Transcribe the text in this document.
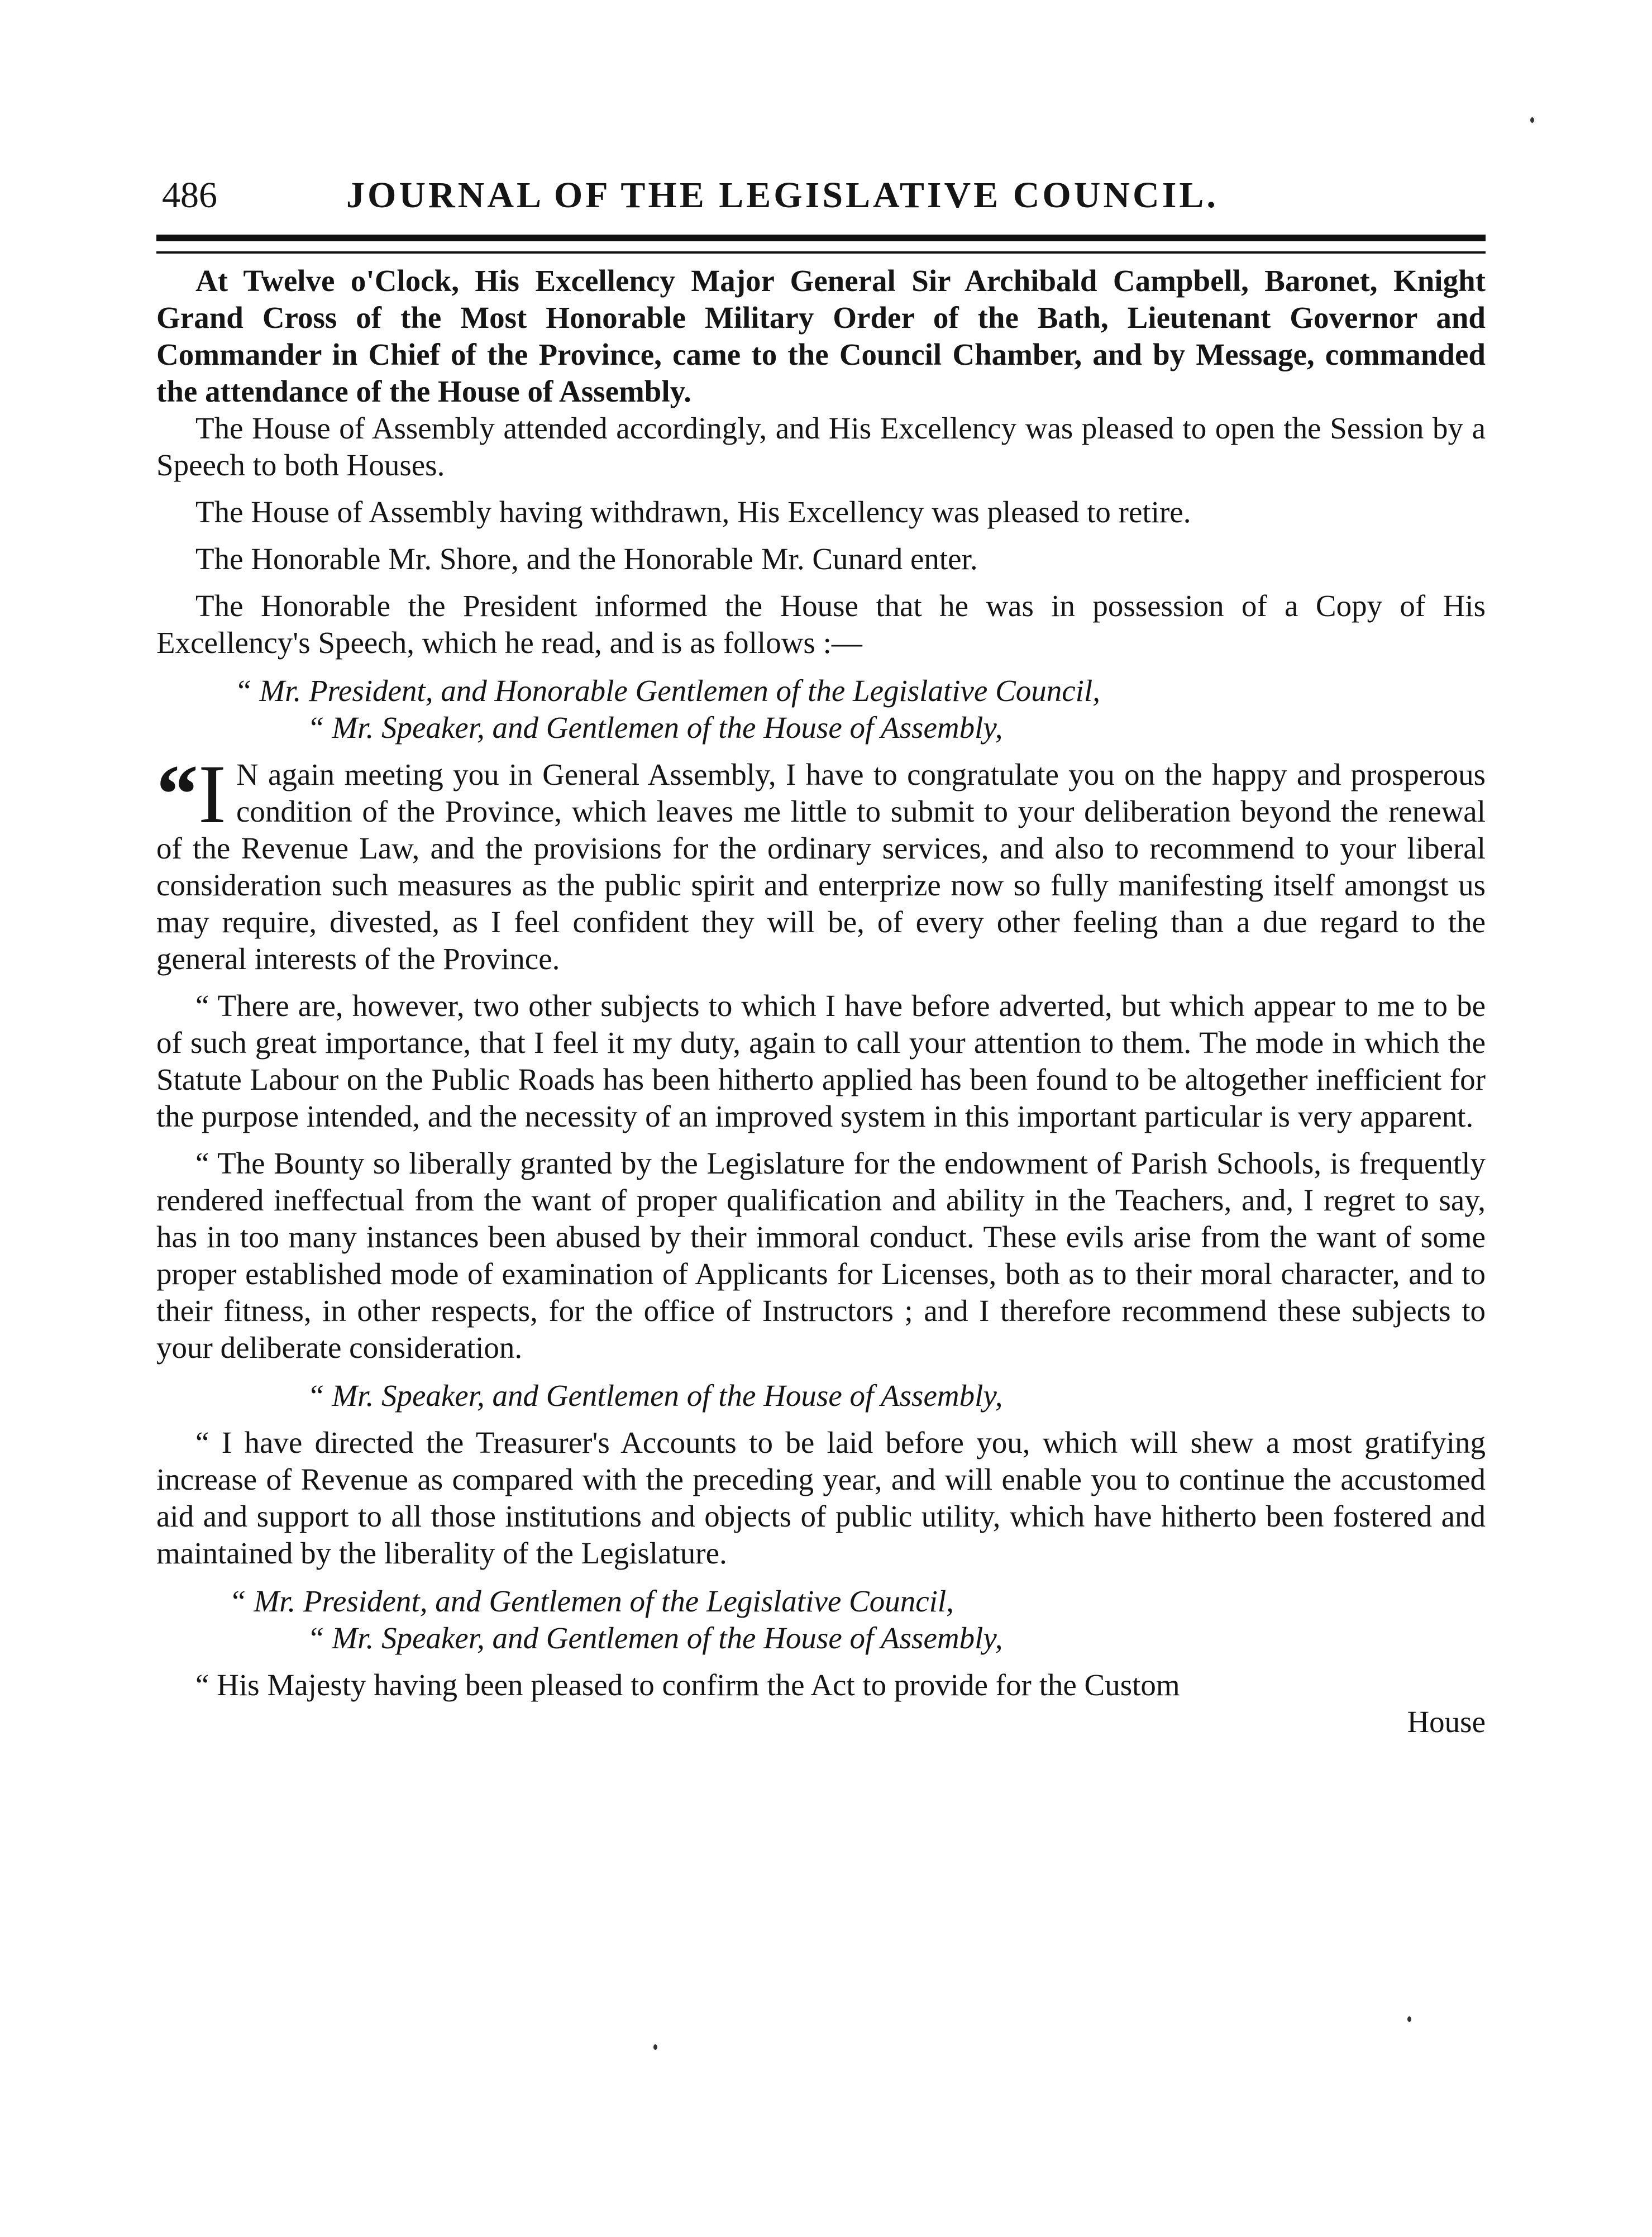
486	JOURNAL OF THE LEGISLATIVE COUNCIL.

At Twelve o'Clock, His Excellency Major General Sir Archibald Campbell, Baronet, Knight Grand Cross of the Most Honorable Military Order of the Bath, Lieutenant Governor and Commander in Chief of the Province, came to the Council Chamber, and by Message, commanded the attendance of the House of Assembly.

The House of Assembly attended accordingly, and His Excellency was pleased to open the Session by a Speech to both Houses.

The House of Assembly having withdrawn, His Excellency was pleased to retire.

The Honorable Mr. Shore, and the Honorable Mr. Cunard enter.

The Honorable the President informed the House that he was in possession of a Copy of His Excellency's Speech, which he read, and is as follows :—

“ Mr. President, and Honorable Gentlemen of the Legislative Council,
“ Mr. Speaker, and Gentlemen of the House of Assembly,

“I N again meeting you in General Assembly, I have to congratulate you on the happy and prosperous condition of the Province, which leaves me little to submit to your deliberation beyond the renewal of the Revenue Law, and the provisions for the ordinary services, and also to recommend to your liberal consideration such measures as the public spirit and enterprize now so fully manifesting itself amongst us may require, divested, as I feel confident they will be, of every other feeling than a due regard to the general interests of the Province.

“ There are, however, two other subjects to which I have before adverted, but which appear to me to be of such great importance, that I feel it my duty, again to call your attention to them. The mode in which the Statute Labour on the Public Roads has been hitherto applied has been found to be altogether inefficient for the purpose intended, and the necessity of an improved system in this important particular is very apparent.

“ The Bounty so liberally granted by the Legislature for the endowment of Parish Schools, is frequently rendered ineffectual from the want of proper qualification and ability in the Teachers, and, I regret to say, has in too many instances been abused by their immoral conduct. These evils arise from the want of some proper established mode of examination of Applicants for Licenses, both as to their moral character, and to their fitness, in other respects, for the office of Instructors ; and I therefore recommend these subjects to your deliberate consideration.

“ Mr. Speaker, and Gentlemen of the House of Assembly,

“ I have directed the Treasurer's Accounts to be laid before you, which will shew a most gratifying increase of Revenue as compared with the preceding year, and will enable you to continue the accustomed aid and support to all those institutions and objects of public utility, which have hitherto been fostered and maintained by the liberality of the Legislature.

“ Mr. President, and Gentlemen of the Legislative Council,
“ Mr. Speaker, and Gentlemen of the House of Assembly,

“ His Majesty having been pleased to confirm the Act to provide for the Custom

House
